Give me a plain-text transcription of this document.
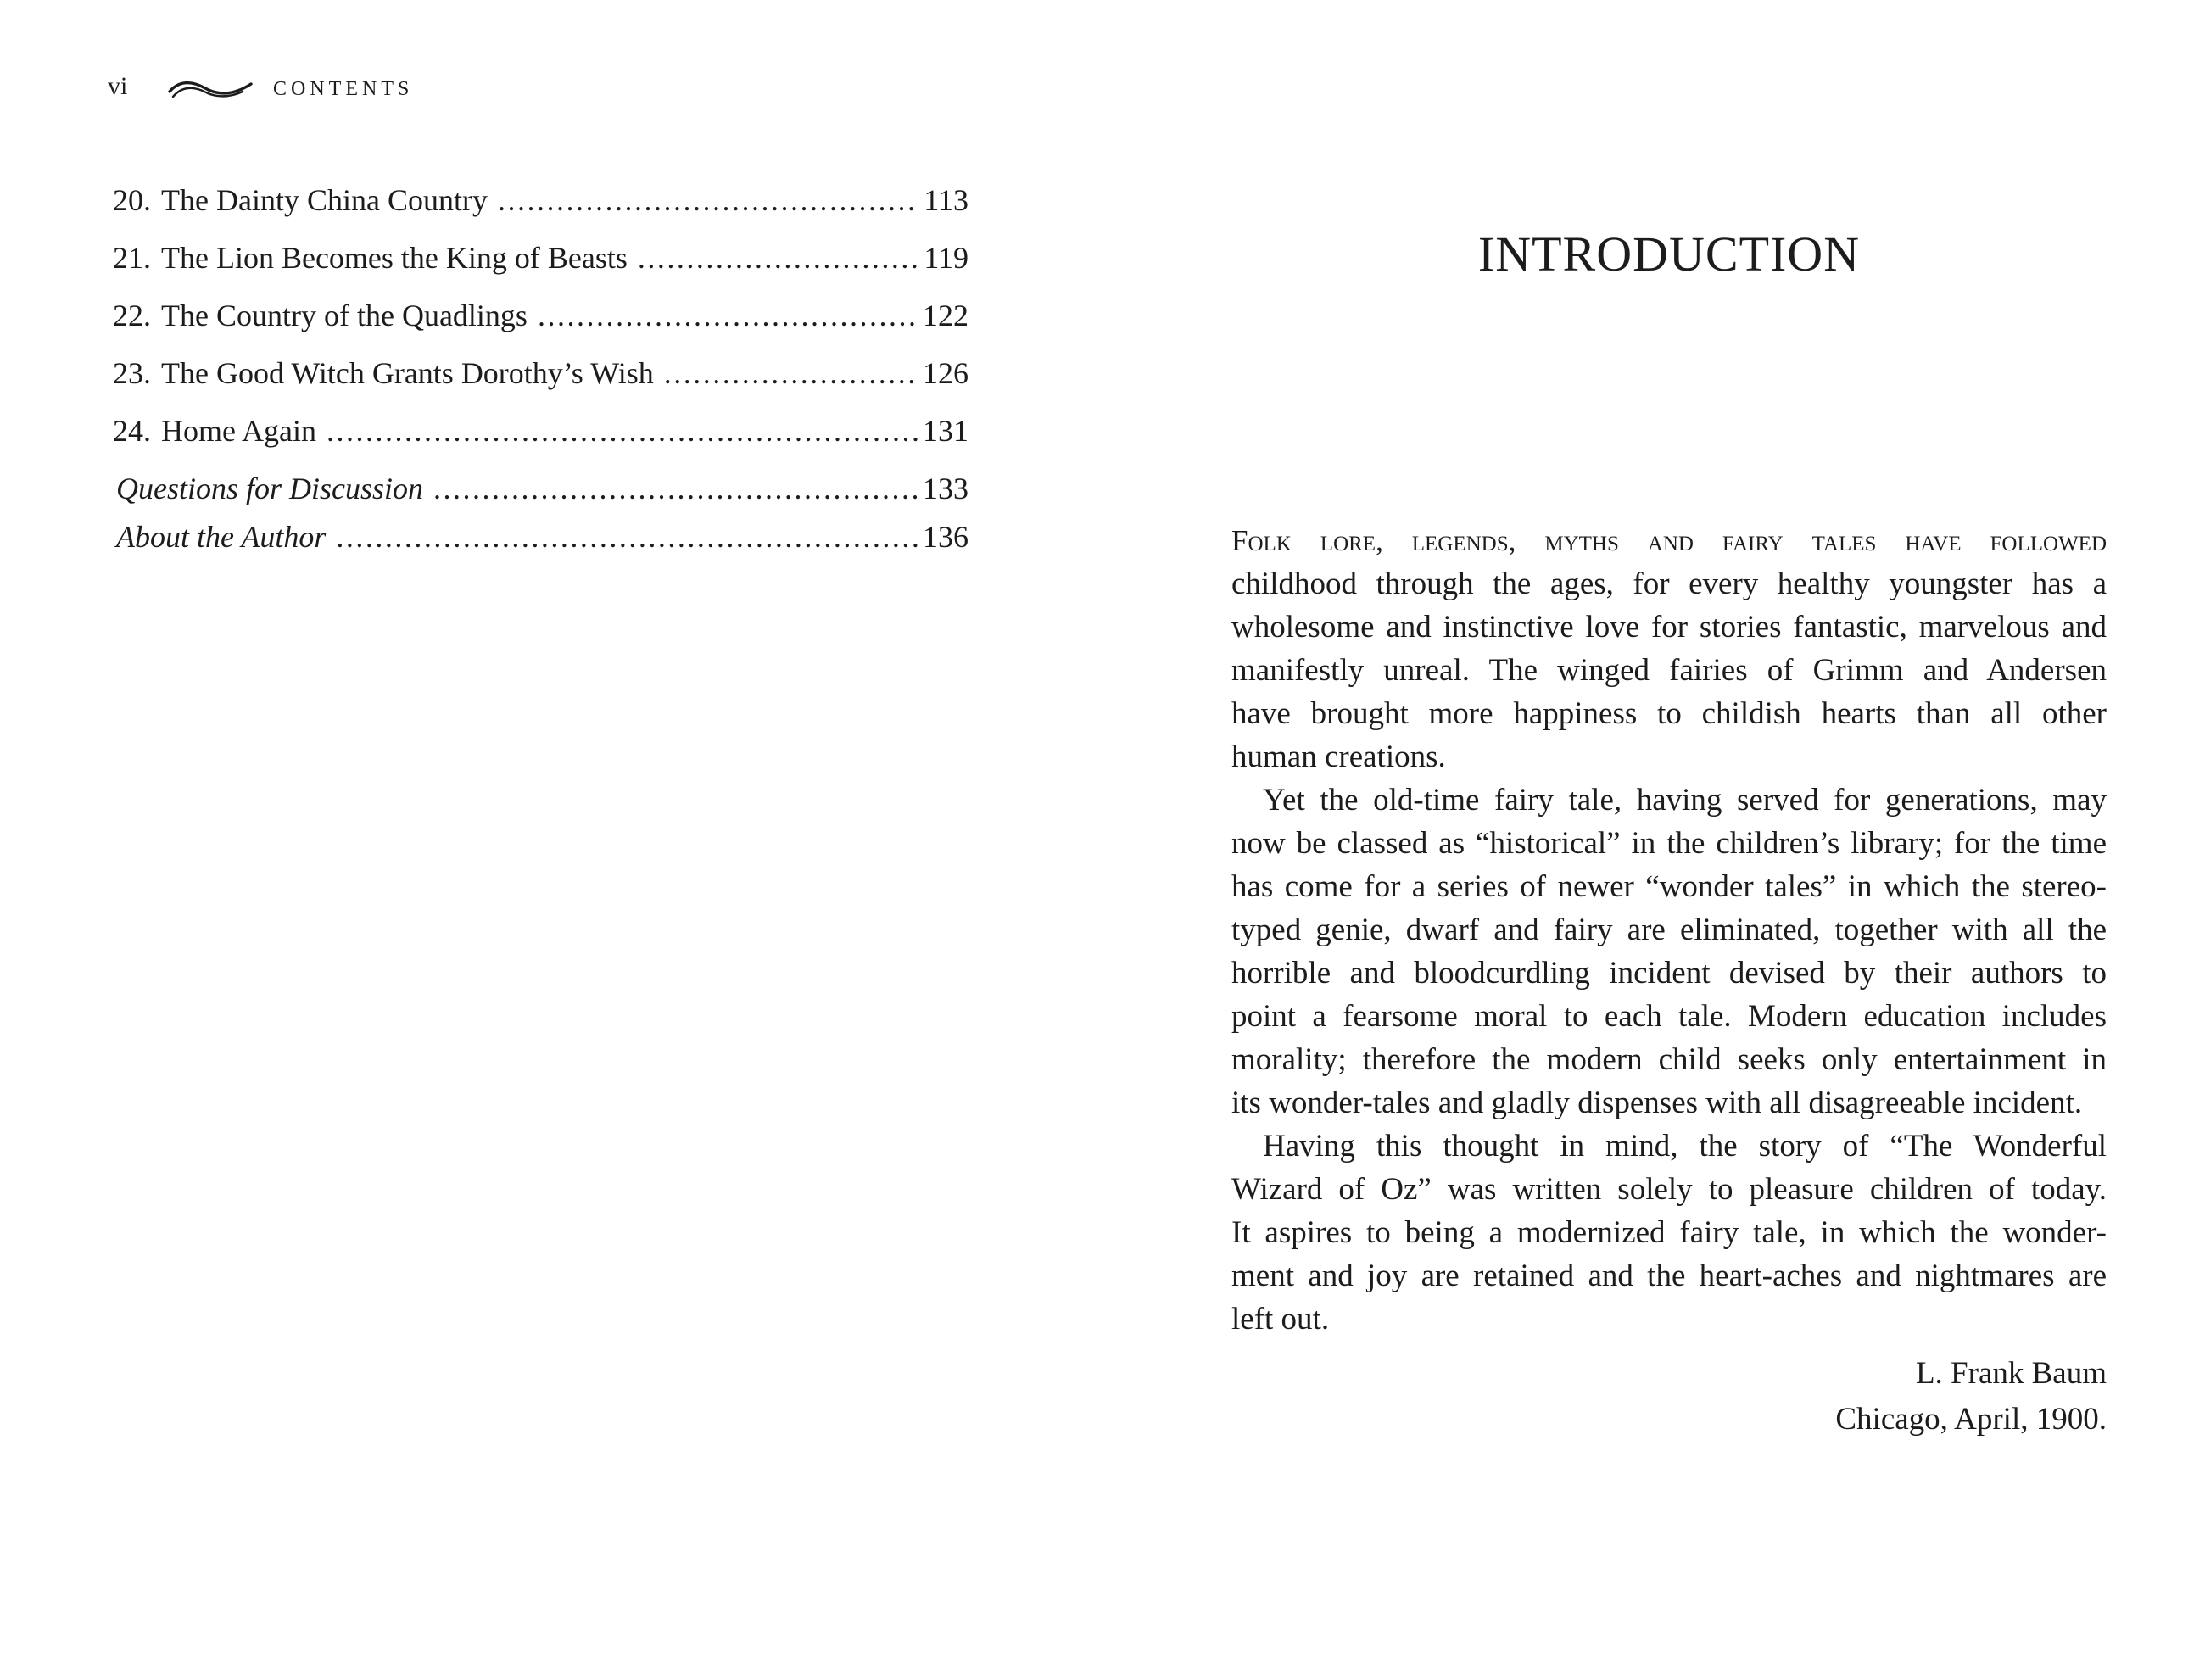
vi	CONTENTS
20. The Dainty China Country .....	113
21. The Lion Becomes the King of Beasts .....	119
22. The Country of the Quadlings .....	122
23. The Good Witch Grants Dorothy’s Wish .....	126
24. Home Again .....	131
Questions for Discussion .....	133
About the Author .....	136
INTRODUCTION
Folk lore, legends, myths and fairy tales have followed
childhood through the ages, for every healthy youngster has a
wholesome and instinctive love for stories fantastic, marvelous and
manifestly unreal. The winged fairies of Grimm and Andersen
have brought more happiness to childish hearts than all other
human creations.
Yet the old-time fairy tale, having served for generations, may
now be classed as “historical” in the children’s library; for the time
has come for a series of newer “wonder tales” in which the stereo-
typed genie, dwarf and fairy are eliminated, together with all the
horrible and bloodcurdling incident devised by their authors to
point a fearsome moral to each tale. Modern education includes
morality; therefore the modern child seeks only entertainment in
its wonder-tales and gladly dispenses with all disagreeable incident.
Having this thought in mind, the story of “The Wonderful
Wizard of Oz” was written solely to pleasure children of today.
It aspires to being a modernized fairy tale, in which the wonder-
ment and joy are retained and the heart-aches and nightmares are
left out.
L. Frank Baum
Chicago, April, 1900.
